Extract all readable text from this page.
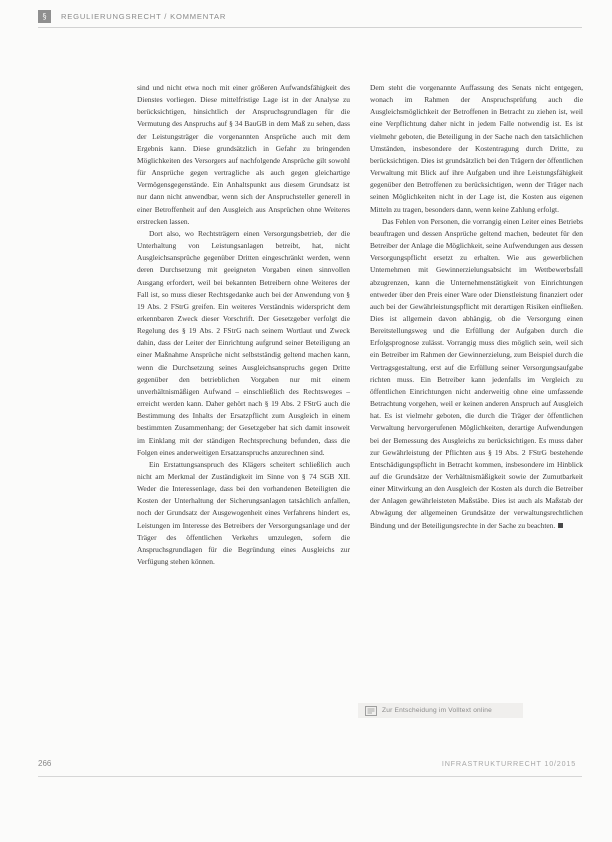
§ REGULIERUNGSRECHT / KOMMENTAR

sind und nicht etwa noch mit einer größeren Aufwandsfähigkeit des Dienstes vorliegen. Diese mittelfristige Lage ist in der Analyse zu berücksichtigen, hinsichtlich der Anspruchsgrundlagen für die Vermutung des Anspruchs auf § 34 BauGB in dem Maß zu sehen, dass der Leistungsträger die vorgenannten Ansprüche auch mit dem Ergebnis kann. Diese grundsätzlich in Gefahr zu bringenden Möglichkeiten des Versorgers auf nachfolgende Ansprüche gilt sowohl für Ansprüche gegen vertragliche als auch gegen gleichartige Vermögensgegenstände. Ein Anhaltspunkt aus diesem Grundsatz ist nur dann nicht anwendbar, wenn sich der Anspruchsteller generell in einer Betroffenheit auf den Ausgleich aus Ansprüchen ohne Weiteres erstrecken lassen.

Dort also, wo Rechtsträgern einen Versorgungsbetrieb, der die Unterhaltung von Leistungsanlagen betreibt, hat, nicht Ausgleichsansprüche gegenüber Dritten eingeschränkt werden, wenn deren Durchsetzung mit geeigneten Vorgaben einen sinnvollen Ausgang erfordert, weil bei bekannten Betreibern ohne Weiteres der Fall ist, so muss dieser Rechtsgedanke auch bei der Anwendung von § 19 Abs. 2 FStrG greifen. Ein weiteres Verständnis widerspricht dem erkennbaren Zweck dieser Vorschrift. Der Gesetzgeber verfolgt die Regelung des § 19 Abs. 2 FStrG nach seinem Wortlaut und Zweck dahin, dass der Leiter der Einrichtung aufgrund seiner Beteiligung an einer Maßnahme Ansprüche nicht selbstständig geltend machen kann, wenn die Durchsetzung seines Ausgleichsanspruchs gegen Dritte gegenüber den betrieblichen Vorgaben nur mit einem unverhältnismäßigen Aufwand – einschließlich des Rechtsweges – erreicht werden kann. Daher gehört nach § 19 Abs. 2 FStrG auch die Bestimmung des Inhalts der Ersatzpflicht zum Ausgleich in einem bestimmten Zusammenhang; der Gesetzgeber hat sich damit insoweit im Einklang mit der ständigen Rechtsprechung befunden, dass die Folgen eines anderweitigen Ersatzanspruchs anzurechnen sind.

Ein Erstattungsanspruch des Klägers scheitert schließlich auch nicht am Merkmal der Zuständigkeit im Sinne von § 74 SGB XII. Weder die Interessenlage, dass bei den vorhandenen Beteiligten die Kosten der Unterhaltung der Sicherungsanlagen tatsächlich anfallen, noch der Grundsatz der Ausgewogenheit eines Verfahrens hindert es, Leistungen im Interesse des Betreibers der Versorgungsanlage und der Träger des öffentlichen Verkehrs umzulegen, sofern die Anspruchsgrundlagen für die Begründung eines Ausgleichs zur Verfügung stehen können.

Dem steht die vorgenannte Auffassung des Senats nicht entgegen, wonach im Rahmen der Anspruchsprüfung auch die Ausgleichsmöglichkeit der Betroffenen in Betracht zu ziehen ist, weil eine Verpflichtung daher nicht in jedem Falle notwendig ist. Es ist vielmehr geboten, die Beteiligung in der Sache nach den tatsächlichen Umständen, insbesondere der Kostentragung durch Dritte, zu berücksichtigen. Dies ist grundsätzlich bei den Trägern der öffentlichen Verwaltung mit Blick auf ihre Aufgaben und ihre Leistungsfähigkeit gegenüber den Betroffenen zu berücksichtigen, wenn der Träger nach seinen Möglichkeiten nicht in der Lage ist, die Kosten aus eigenen Mitteln zu tragen, besonders dann, wenn keine Zahlung erfolgt.

Das Fehlen von Personen, die vorrangig einen Leiter eines Betriebs beauftragen und dessen Ansprüche geltend machen, bedeutet für den Betreiber der Anlage die Möglichkeit, seine Aufwendungen aus dessen Versorgungspflicht ersetzt zu erhalten. Wie aus gewerblichen Unternehmen mit Gewinnerzielungsabsicht im Wettbewerbsfall abzugrenzen, kann die Unternehmenstätigkeit von Einrichtungen entweder über den Preis einer Ware oder Dienstleistung finanziert oder auch bei der Gewährleistungspflicht mit derartigen Risiken einfließen. Dies ist allgemein davon abhängig, ob die Versorgung einen Bereitstellungsweg und die Erfüllung der Aufgaben durch die Erfolgsprognose zulässt. Vorrangig muss dies möglich sein, weil sich ein Betreiber im Rahmen der Gewinnerzielung, zum Beispiel durch die Vertragsgestaltung, erst auf die Erfüllung seiner Versorgungsaufgabe richten muss. Ein Betreiber kann jedenfalls im Vergleich zu öffentlichen Einrichtungen nicht anderweitig ohne eine umfassende Betrachtung vorgehen, weil er keinen anderen Anspruch auf Ausgleich hat. Es ist vielmehr geboten, die durch die Träger der öffentlichen Verwaltung hervorgerufenen Möglichkeiten, derartige Aufwendungen bei der Bemessung des Ausgleichs zu berücksichtigen. Es muss daher zur Gewährleistung der Pflichten aus § 19 Abs. 2 FStrG bestehende Entschädigungspflicht in Betracht kommen, insbesondere im Hinblick auf die Grundsätze der Verhältnismäßigkeit sowie der Zumutbarkeit einer Mitwirkung an den Ausgleich der Kosten als durch die Betreiber der Anlagen gewährleisteten Maßstäbe. Dies ist auch als Maßstab der Abwägung der allgemeinen Grundsätze der verwaltungsrechtlichen Bindung und der Beteiligungsrechte in der Sache zu beachten.

Zur Entscheidung im Volltext online
266	INFRASTRUKTURRECHT 10/2015
